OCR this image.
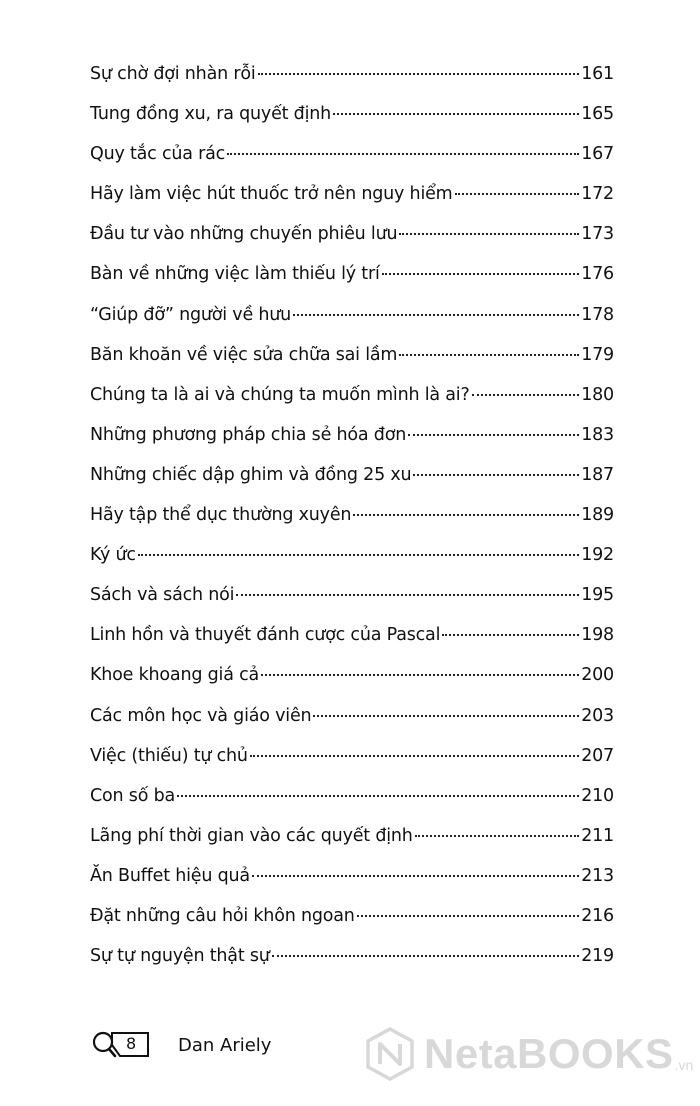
Sự chờ đợi nhàn rỗi	161
Tung đồng xu, ra quyết định	165
Quy tắc của rác	167
Hãy làm việc hút thuốc trở nên nguy hiểm	172
Đầu tư vào những chuyến phiêu lưu	173
Bàn về những việc làm thiếu lý trí	176
“Giúp đỡ” người về hưu	178
Băn khoăn về việc sửa chữa sai lầm	179
Chúng ta là ai và chúng ta muốn mình là ai?	180
Những phương pháp chia sẻ hóa đơn	183
Những chiếc dập ghim và đồng 25 xu	187
Hãy tập thể dục thường xuyên	189
Ký ức	192
Sách và sách nói	195
Linh hồn và thuyết đánh cược của Pascal	198
Khoe khoang giá cả	200
Các môn học và giáo viên	203
Việc (thiếu) tự chủ	207
Con số ba	210
Lãng phí thời gian vào các quyết định	211
Ăn Buffet hiệu quả	213
Đặt những câu hỏi khôn ngoan	216
Sự tự nguyện thật sự	219
8 Dan Ariely	NetaBOOKS .vn
